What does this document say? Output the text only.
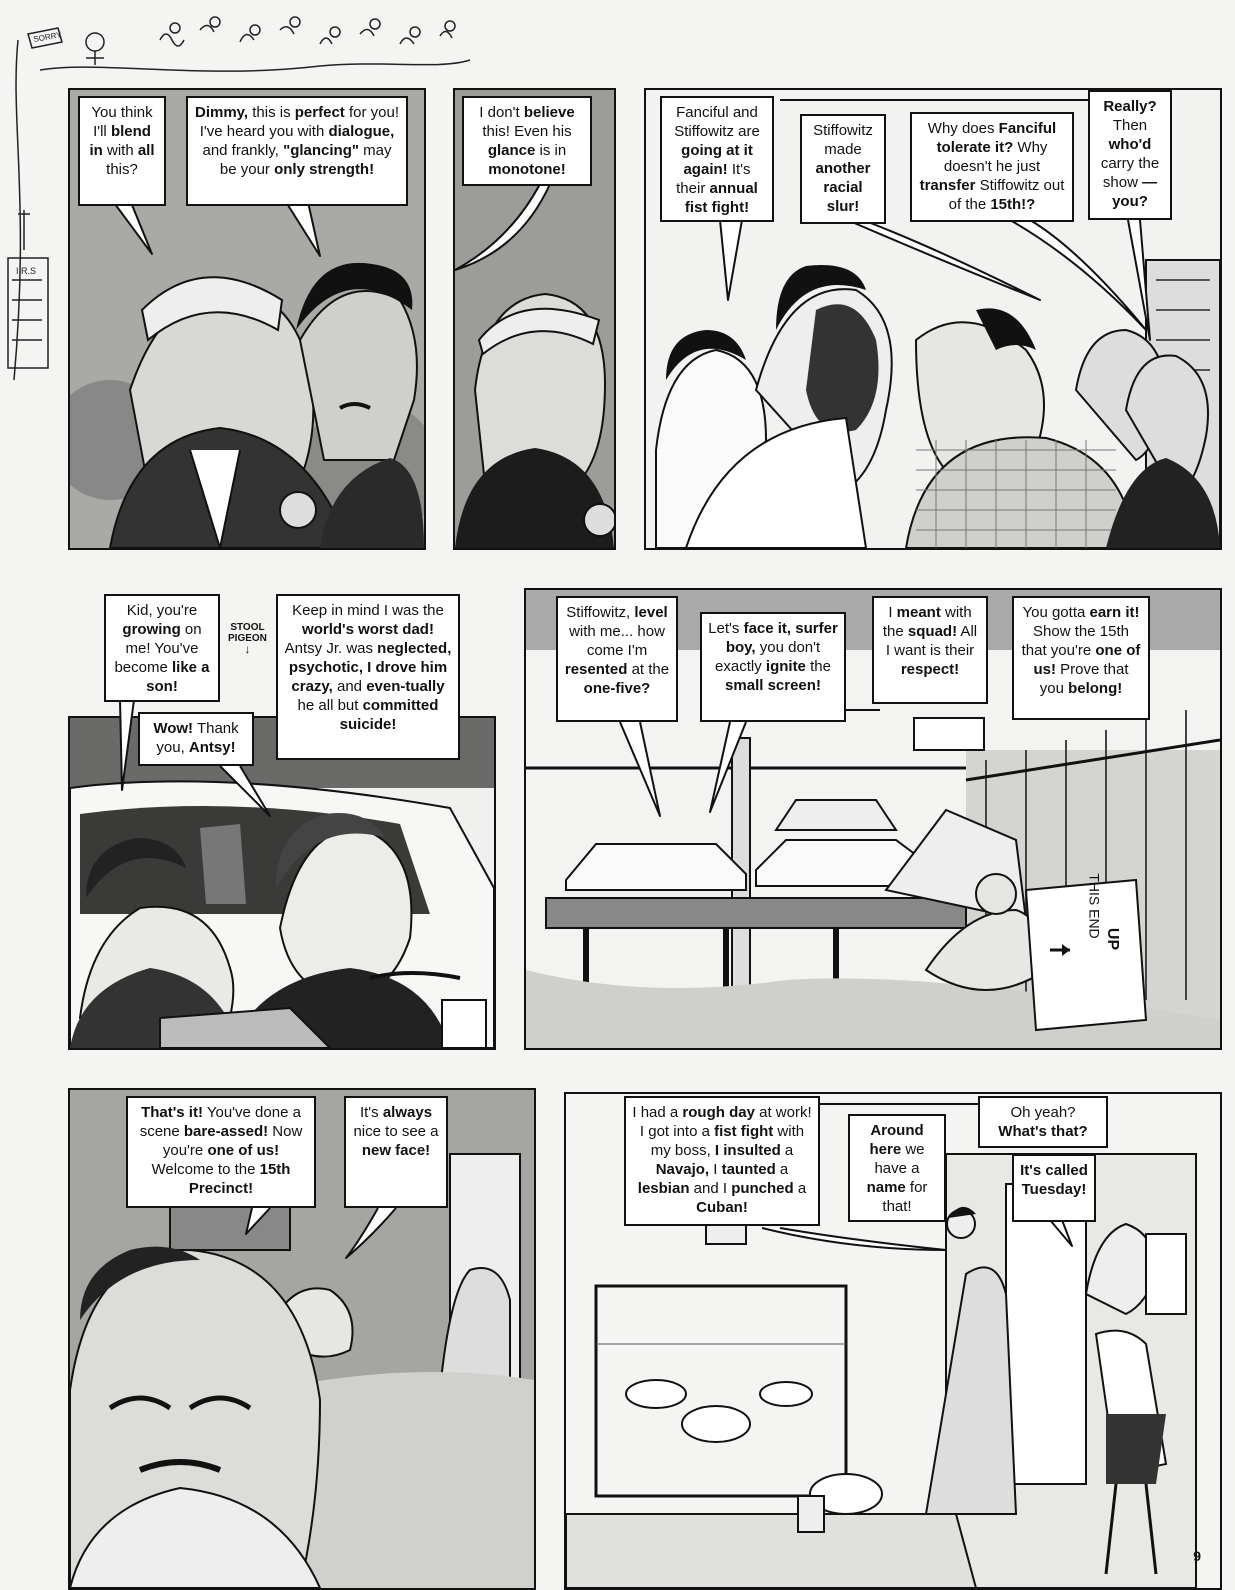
SORRY
I.R.S
UP
THIS END
STOOL
PIGEON
↓
You think I'll blend in with all this?
Dimmy, this is perfect for you! I've heard you with dialogue, and frankly, "glancing" may be your only strength!
I don't believe this! Even his glance is in monotone!
Fanciful and Stiffowitz are going at it again! It's their annual fist fight!
Stiffowitz made another racial slur!
Why does Fanciful tolerate it? Why doesn't he just transfer Stiffowitz out of the 15th!?
Really? Then who'd carry the show — you?
Kid, you're growing on me! You've become like a son!
Keep in mind I was the world's worst dad! Antsy Jr. was neglected, psychotic, I drove him crazy, and even-tually he all but committed suicide!
Wow! Thank you, Antsy!
Stiffowitz, level with me... how come I'm resented at the one-five?
Let's face it, surfer boy, you don't exactly ignite the small screen!
I meant with the squad! All I want is their respect!
You gotta earn it! Show the 15th that you're one of us! Prove that you belong!
That's it! You've done a scene bare-assed! Now you're one of us! Welcome to the 15th Precinct!
It's always nice to see a new face!
I had a rough day at work! I got into a fist fight with my boss, I insulted a Navajo, I taunted a lesbian and I punched a Cuban!
Around here we have a name for that!
Oh yeah? What's that?
It's called Tuesday!
9
